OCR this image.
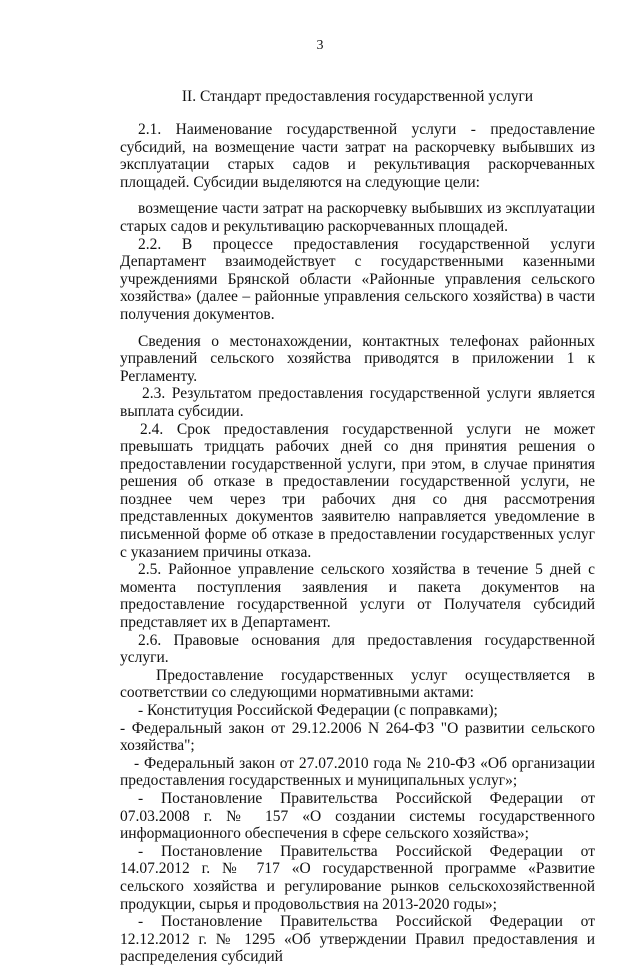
3
II. Стандарт предоставления государственной услуги

2.1. Наименование государственной услуги - предоставление субсидий, на возмещение части затрат на раскорчевку выбывших из эксплуатации старых садов и рекультивация раскорчеванных площадей. Субсидии выделяются на следующие цели:

возмещение части затрат на раскорчевку выбывших из эксплуатации старых садов и рекультивацию раскорчеванных площадей.

2.2. В процессе предоставления государственной услуги Департамент взаимодействует с государственными казенными учреждениями Брянской области «Районные управления сельского хозяйства» (далее – районные управления сельского хозяйства) в части получения документов.

Сведения о местонахождении, контактных телефонах районных управлений сельского хозяйства приводятся в приложении 1 к Регламенту.

2.3. Результатом предоставления государственной услуги является выплата субсидии.

2.4. Срок предоставления государственной услуги не может превышать тридцать рабочих дней со дня принятия решения о предоставлении государственной услуги, при этом, в случае принятия решения об отказе в предоставлении государственной услуги, не позднее чем через три рабочих дня со дня рассмотрения представленных документов заявителю направляется уведомление в письменной форме об отказе в предоставлении государственных услуг с указанием причины отказа.

2.5. Районное управление сельского хозяйства в течение 5 дней с момента поступления заявления и пакета документов на предоставление государственной услуги от Получателя субсидий представляет их в Департамент.

2.6. Правовые основания для предоставления государственной услуги.

Предоставление государственных услуг осуществляется в соответствии со следующими нормативными актами:

- Конституция Российской Федерации (с поправками);

- Федеральный закон от 29.12.2006 N 264-ФЗ "О развитии сельского хозяйства";

- Федеральный закон от 27.07.2010 года № 210-ФЗ «Об организации предоставления государственных и муниципальных услуг»;

- Постановление Правительства Российской Федерации от 07.03.2008 г. № 157 «О создании системы государственного информационного обеспечения в сфере сельского хозяйства»;

- Постановление Правительства Российской Федерации от 14.07.2012 г. № 717 «О государственной программе «Развитие сельского хозяйства и регулирование рынков сельскохозяйственной продукции, сырья и продовольствия на 2013-2020 годы»;

- Постановление Правительства Российской Федерации от 12.12.2012 г. № 1295 «Об утверждении Правил предоставления и распределения субсидий
